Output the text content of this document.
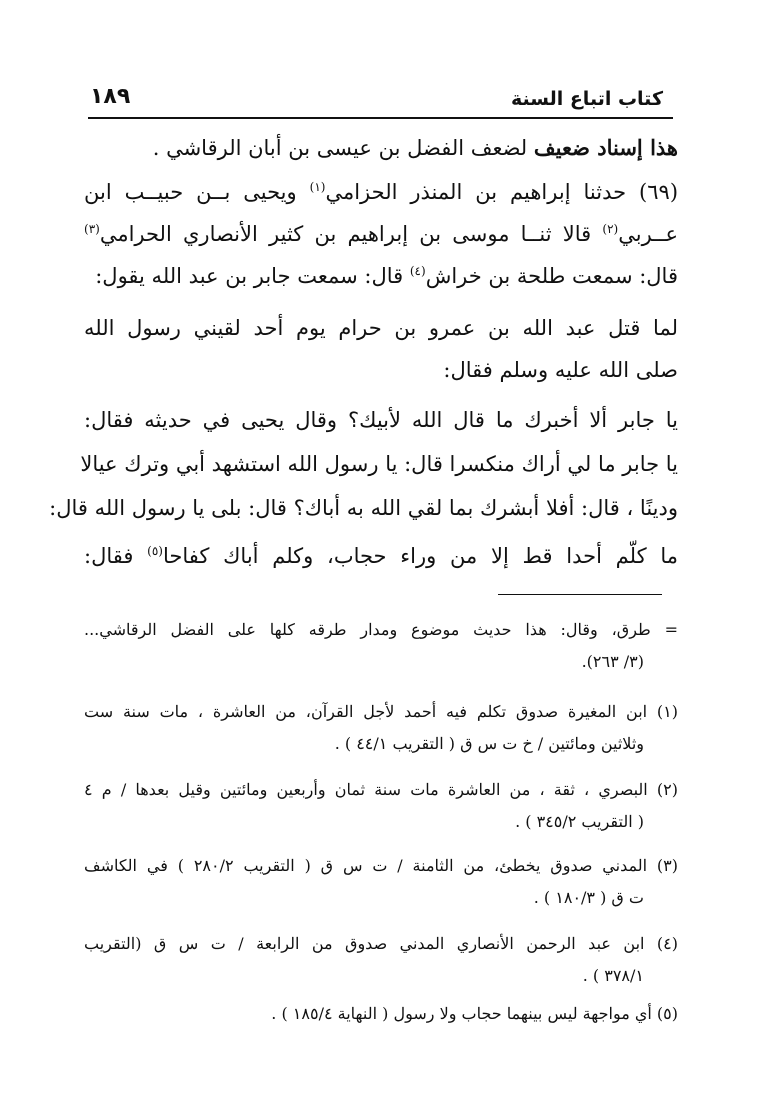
كتاب اتباع السنة
١٨٩
هذا إسناد ضعيف لضعف الفضل بن عيسى بن أبان الرقاشي .
(٦٩) حدثنا إبراهيم بن المنذر الحزامي$^{(١)}$ ويحيى بــن حبيــب ابن
عــربي$^{(٢)}$ قالا ثنــا موسى بن إبراهيم بن كثير الأنصاري الحرامي$^{(٣)}$
قال: سمعت طلحة بن خراش$^{(٤)}$ قال: سمعت جابر بن عبد الله يقول:
لما قتل عبد الله بن عمرو بن حرام يوم أحد لقيني رسول الله
صلى الله عليه وسلم فقال:
يا جابر ألا أخبرك ما قال الله لأبيك؟ وقال يحيى في حديثه فقال:
يا جابر ما لي أراك منكسرا قال: يا رسول الله استشهد أبي وترك عيالا
ودينًا ، قال: أفلا أبشرك بما لقي الله به أباك؟ قال: بلى يا رسول الله قال:
ما كلّم أحدا قط إلا من وراء حجاب، وكلم أباك كفاحا$^{(٥)}$ فقال:
= طرق، وقال: هذا حديث موضوع ومدار طرقه كلها على الفضل الرقاشي...
(٣/ ٢٦٣).
(١) ابن المغيرة صدوق تكلم فيه أحمد لأجل القرآن، من العاشرة ، مات سنة ست
وثلاثين ومائتين / خ ت س ق ( التقريب ٤٤/١ ) .
(٢) البصري ، ثقة ، من العاشرة مات سنة ثمان وأربعين ومائتين وقيل بعدها / م ٤
( التقريب ٣٤٥/٢ ) .
(٣) المدني صدوق يخطئ، من الثامنة / ت س ق ( التقريب ٢٨٠/٢ ) في الكاشف
ت ق ( ١٨٠/٣ ) .
(٤) ابن عبد الرحمن الأنصاري المدني صدوق من الرابعة / ت س ق (التقريب
٣٧٨/١ ) .
(٥) أي مواجهة ليس بينهما حجاب ولا رسول ( النهاية ١٨٥/٤ ) .
